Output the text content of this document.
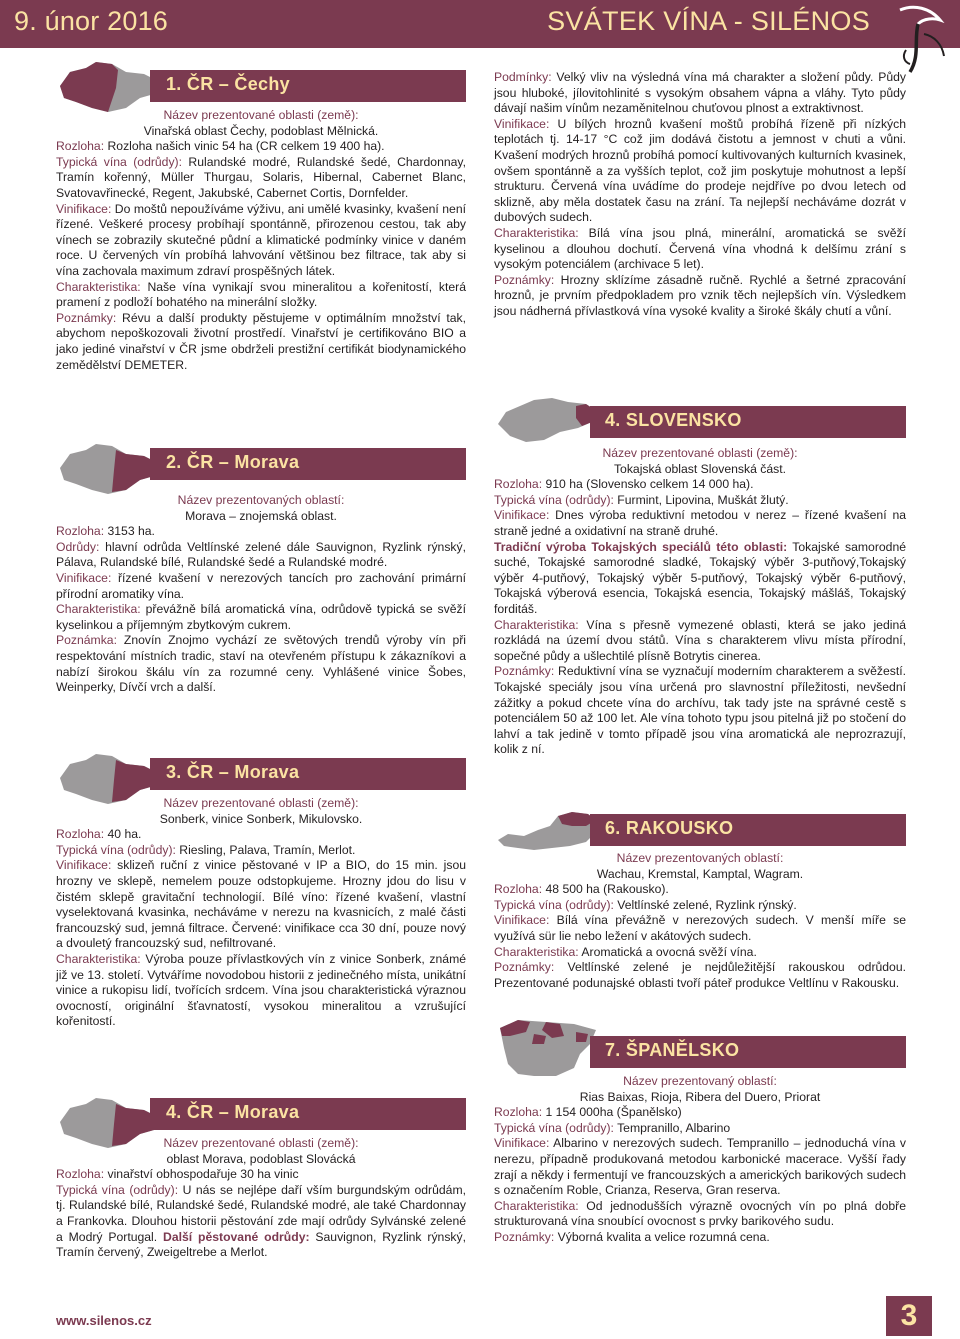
9. únor 2016	SVÁTEK VÍNA - SILÉNOS
1. ČR – Čechy

Název prezentované oblasti (země):

Vinařská oblast Čechy, podoblast Mělnická.

Rozloha: Rozloha našich vinic 54 ha (CR celkem 19 400 ha).

Typická vína (odrůdy): Rulandské modré, Rulandské šedé, Chardonnay, Tramín kořenný, Müller Thurgau, Solaris, Hibernal, Cabernet Blanc, Svatovavřinecké, Regent, Jakubské, Cabernet Cortis, Dornfelder.

Vinifikace: Do moštů nepoužíváme výživu, ani umělé kvasinky, kvašení není řízené. Veškeré procesy probíhají spontánně, přirozenou cestou, tak aby vínech se zobrazily skutečné půdní a klimatické podmínky vinice v daném roce. U červených vín probíhá lahvování většinou bez filtrace, tak aby si vína zachovala maximum zdraví prospěšných látek.

Charakteristika: Naše vína vynikají svou mineralitou a kořenitostí, která pramení z podloží bohatého na minerální složky.

Poznámky: Révu a další produkty pěstujeme v optimálním množství tak, abychom nepoškozovali životní prostředí. Vinařství je certifikováno BIO a jako jediné vinařství v ČR jsme obdrželi prestižní certifikát biodynamického zemědělství DEMETER.

2. ČR – Morava

Název prezentovaných oblastí:

Morava – znojemská oblast.

Rozloha: 3153 ha.

Odrůdy: hlavní odrůda Veltlínské zelené dále Sauvignon, Ryzlink rýnský, Pálava, Rulandské bílé, Rulandské šedé a Rulandské modré.

Vinifikace: řízené kvašení v nerezových tancích pro zachování primární přírodní aromatiky vína.

Charakteristika: převážně bílá aromatická vína, odrůdově typická se svěží kyselinkou a příjemným zbytkovým cukrem.

Poznámka: Znovín Znojmo vychází ze světových trendů výroby vín při respektování místních tradic, staví na otevřeném přístupu k zákazníkovi a nabízí širokou škálu vín za rozumné ceny. Vyhlášené vinice Šobes, Weinperky, Dívčí vrch a další.

3. ČR – Morava

Název prezentované oblasti (země):

Sonberk, vinice Sonberk, Mikulovsko.

Rozloha: 40 ha.

Typická vína (odrůdy): Riesling, Palava, Tramín, Merlot.

Vinifikace: sklizeň ruční z vinice pěstované v IP a BIO, do 15 min. jsou hrozny ve sklepě, nemelem pouze odstopkujeme. Hrozny jdou do lisu v čistém sklepě gravitační technologií. Bílé víno: řízené kvašení, vlastní vyselektovaná kvasinka, necháváme v nerezu na kvasnicích, z malé části francouzský sud, jemná filtrace. Červené: vinifikace cca 30 dní, pouze nový a dvouletý francouzský sud, nefiltrované.

Charakteristika: Výroba pouze přívlastkových vín z vinice Sonberk, známé již ve 13. století. Vytváříme novodobou historii z jedinečného místa, unikátní vinice a rukopisu lidí, tvořících srdcem. Vína jsou charakteristická výraznou ovocností, originální šťavnatostí, vysokou mineralitou a vzrušující kořenitostí.

4. ČR – Morava

Název prezentované oblasti (země):

oblast Morava, podoblast Slovácká

Rozloha: vinařství obhospodařuje 30 ha vinic

Typická vína (odrůdy): U nás se nejlépe daří vším burgundským odrůdám, tj. Rulandské bílé, Rulandské šedé, Rulandské modré, ale také Chardonnay a Frankovka. Dlouhou historii pěstování zde mají odrůdy Sylvánské zelené a Modrý Portugal. Další pěstované odrůdy: Sauvignon, Ryzlink rýnský, Tramín červený, Zweigeltrebe a Merlot.

Podmínky: Velký vliv na výsledná vína má charakter a složení půdy. Půdy jsou hluboké, jílovitohlinité s vysokým obsahem vápna a vláhy. Tyto půdy dávají našim vínům nezaměnitelnou chuťovou plnost a extraktivnost.

Vinifikace: U bílých hroznů kvašení moštů probíhá řízeně při nízkých teplotách tj. 14-17 °C což jim dodává čistotu a jemnost v chuti a vůni. Kvašení modrých hroznů probíhá pomocí kultivovaných kulturních kvasinek, ovšem spontánně a za vyšších teplot, což jim poskytuje mohutnost a lepší strukturu. Červená vína uvádíme do prodeje nejdříve po dvou letech od sklizně, aby měla dostatek času na zrání. Ta nejlepší necháváme dozrát v dubových sudech.

Charakteristika: Bílá vína jsou plná, minerální, aromatická se svěží kyselinou a dlouhou dochutí. Červená vína vhodná k delšímu zrání s vysokým potenciálem (archivace 5 let).

Poznámky: Hrozny sklízíme zásadně ručně. Rychlé a šetrné zpracování hroznů, je prvním předpokladem pro vznik těch nejlepších vín. Výsledkem jsou nádherná přívlastková vína vysoké kvality a široké škály chutí a vůní.

4. SLOVENSKO

Název prezentované oblasti (země):

Tokajská oblast Slovenská část.

Rozloha: 910 ha (Slovensko celkem 14 000 ha).

Typická vína (odrůdy): Furmint, Lipovina, Muškát žlutý.

Vinifikace: Dnes výroba reduktivní metodou v nerez – řízené kvašení na straně jedné a oxidativní na straně druhé.

Tradiční výroba Tokajských speciálů této oblasti: Tokajské samorodné suché, Tokajské samorodné sladké, Tokajský výběr 3-putňový,Tokajský výběr 4-putňový, Tokajský výběr 5-putňový, Tokajský výběr 6-putňový, Tokajská výberová esencia, Tokajská esencia, Tokajský mášláš, Tokajský forditáš.

Charakteristika: Vína s přesně vymezené oblasti, která se jako jediná rozkládá na území dvou států. Vína s charakterem vlivu místa přírodní, sopečné půdy a ušlechtilé plísně Botrytis cinerea.

Poznámky: Reduktivní vína se vyznačují moderním charakterem a svěžestí. Tokajské speciály jsou vína určená pro slavnostní příležitosti, nevšední zážitky a pokud chcete vína do archívu, tak tady jste na správné cestě s potenciálem 50 až 100 let. Ale vína tohoto typu jsou pitelná již po stočení do lahví a tak jedině v tomto případě jsou vína aromatická ale neprozrazují, kolik z ní.

6. RAKOUSKO

Název prezentovaných oblastí:

Wachau, Kremstal, Kamptal, Wagram.

Rozloha: 48 500 ha (Rakousko).

Typická vína (odrůdy): Veltlínské zelené, Ryzlink rýnský.

Vinifikace: Bílá vína převážně v nerezových sudech. V menší míře se využívá sür lie nebo ležení v akátových sudech.

Charakteristika: Aromatická a ovocná svěží vína.

Poznámky: Veltlínské zelené je nejdůležitější rakouskou odrůdou. Prezentované podunajské oblasti tvoří páteř produkce Veltlínu v Rakousku.

7. ŠPANĚLSKO

Název prezentovaný oblastí:

Rias Baixas, Rioja, Ribera del Duero, Priorat

Rozloha: 1 154 000ha (Španělsko)

Typická vína (odrůdy): Tempranillo, Albarino

Vinifikace: Albarino v nerezových sudech. Tempranillo – jednoduchá vína v nerezu, případně produkovaná metodou karbonické macerace. Vyšší řady zrají a někdy i fermentují ve francouzských a amerických barikových sudech s označením Roble, Crianza, Reserva, Gran reserva.

Charakteristika: Od jednodušších výrazně ovocných vín po plná dobře strukturovaná vína snoubící ovocnost s prvky barikového sudu.

Poznámky: Výborná kvalita a velice rozumná cena.

www.silenos.cz	3
